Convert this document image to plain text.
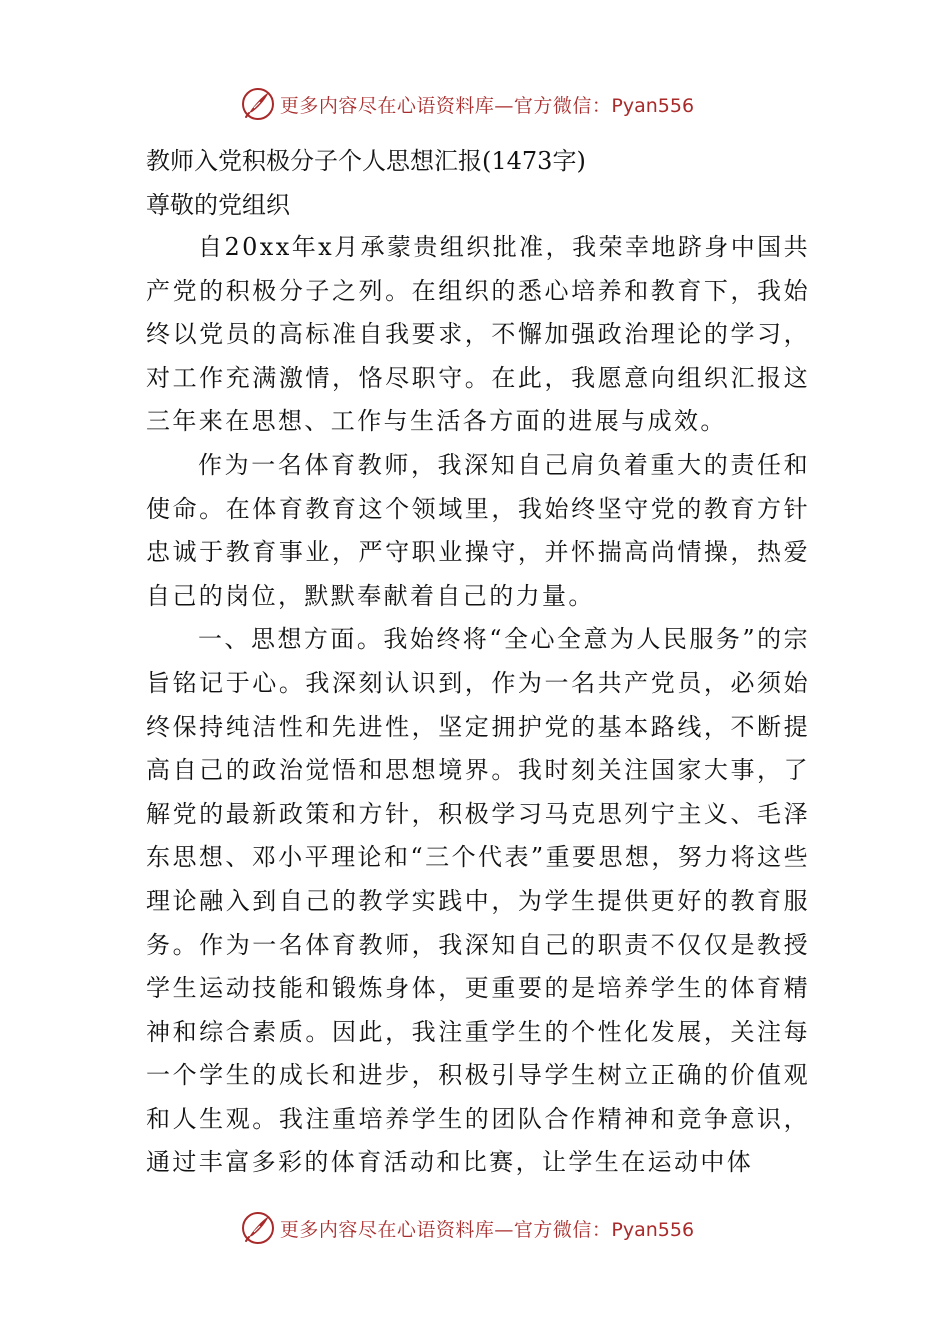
更多内容尽在心语资料库—官方微信：Pyan556
教师入党积极分子个人思想汇报(1473字)
尊敬的党组织

自20xx年x月承蒙贵组织批准，我荣幸地跻身中国共产党的积极分子之列。在组织的悉心培养和教育下，我始终以党员的高标准自我要求，不懈加强政治理论的学习，对工作充满激情，恪尽职守。在此，我愿意向组织汇报这三年来在思想、工作与生活各方面的进展与成效。

作为一名体育教师，我深知自己肩负着重大的责任和使命。在体育教育这个领域里，我始终坚守党的教育方针忠诚于教育事业，严守职业操守，并怀揣高尚情操，热爱自己的岗位，默默奉献着自己的力量。

一、思想方面。我始终将“全心全意为人民服务”的宗旨铭记于心。我深刻认识到，作为一名共产党员，必须始终保持纯洁性和先进性，坚定拥护党的基本路线，不断提高自己的政治觉悟和思想境界。我时刻关注国家大事，了解党的最新政策和方针，积极学习马克思列宁主义、毛泽东思想、邓小平理论和“三个代表”重要思想，努力将这些理论融入到自己的教学实践中，为学生提供更好的教育服务。作为一名体育教师，我深知自己的职责不仅仅是教授学生运动技能和锻炼身体，更重要的是培养学生的体育精神和综合素质。因此，我注重学生的个性化发展，关注每一个学生的成长和进步，积极引导学生树立正确的价值观和人生观。我注重培养学生的团队合作精神和竞争意识，通过丰富多彩的体育活动和比赛，让学生在运动中体

更多内容尽在心语资料库—官方微信：Pyan556
